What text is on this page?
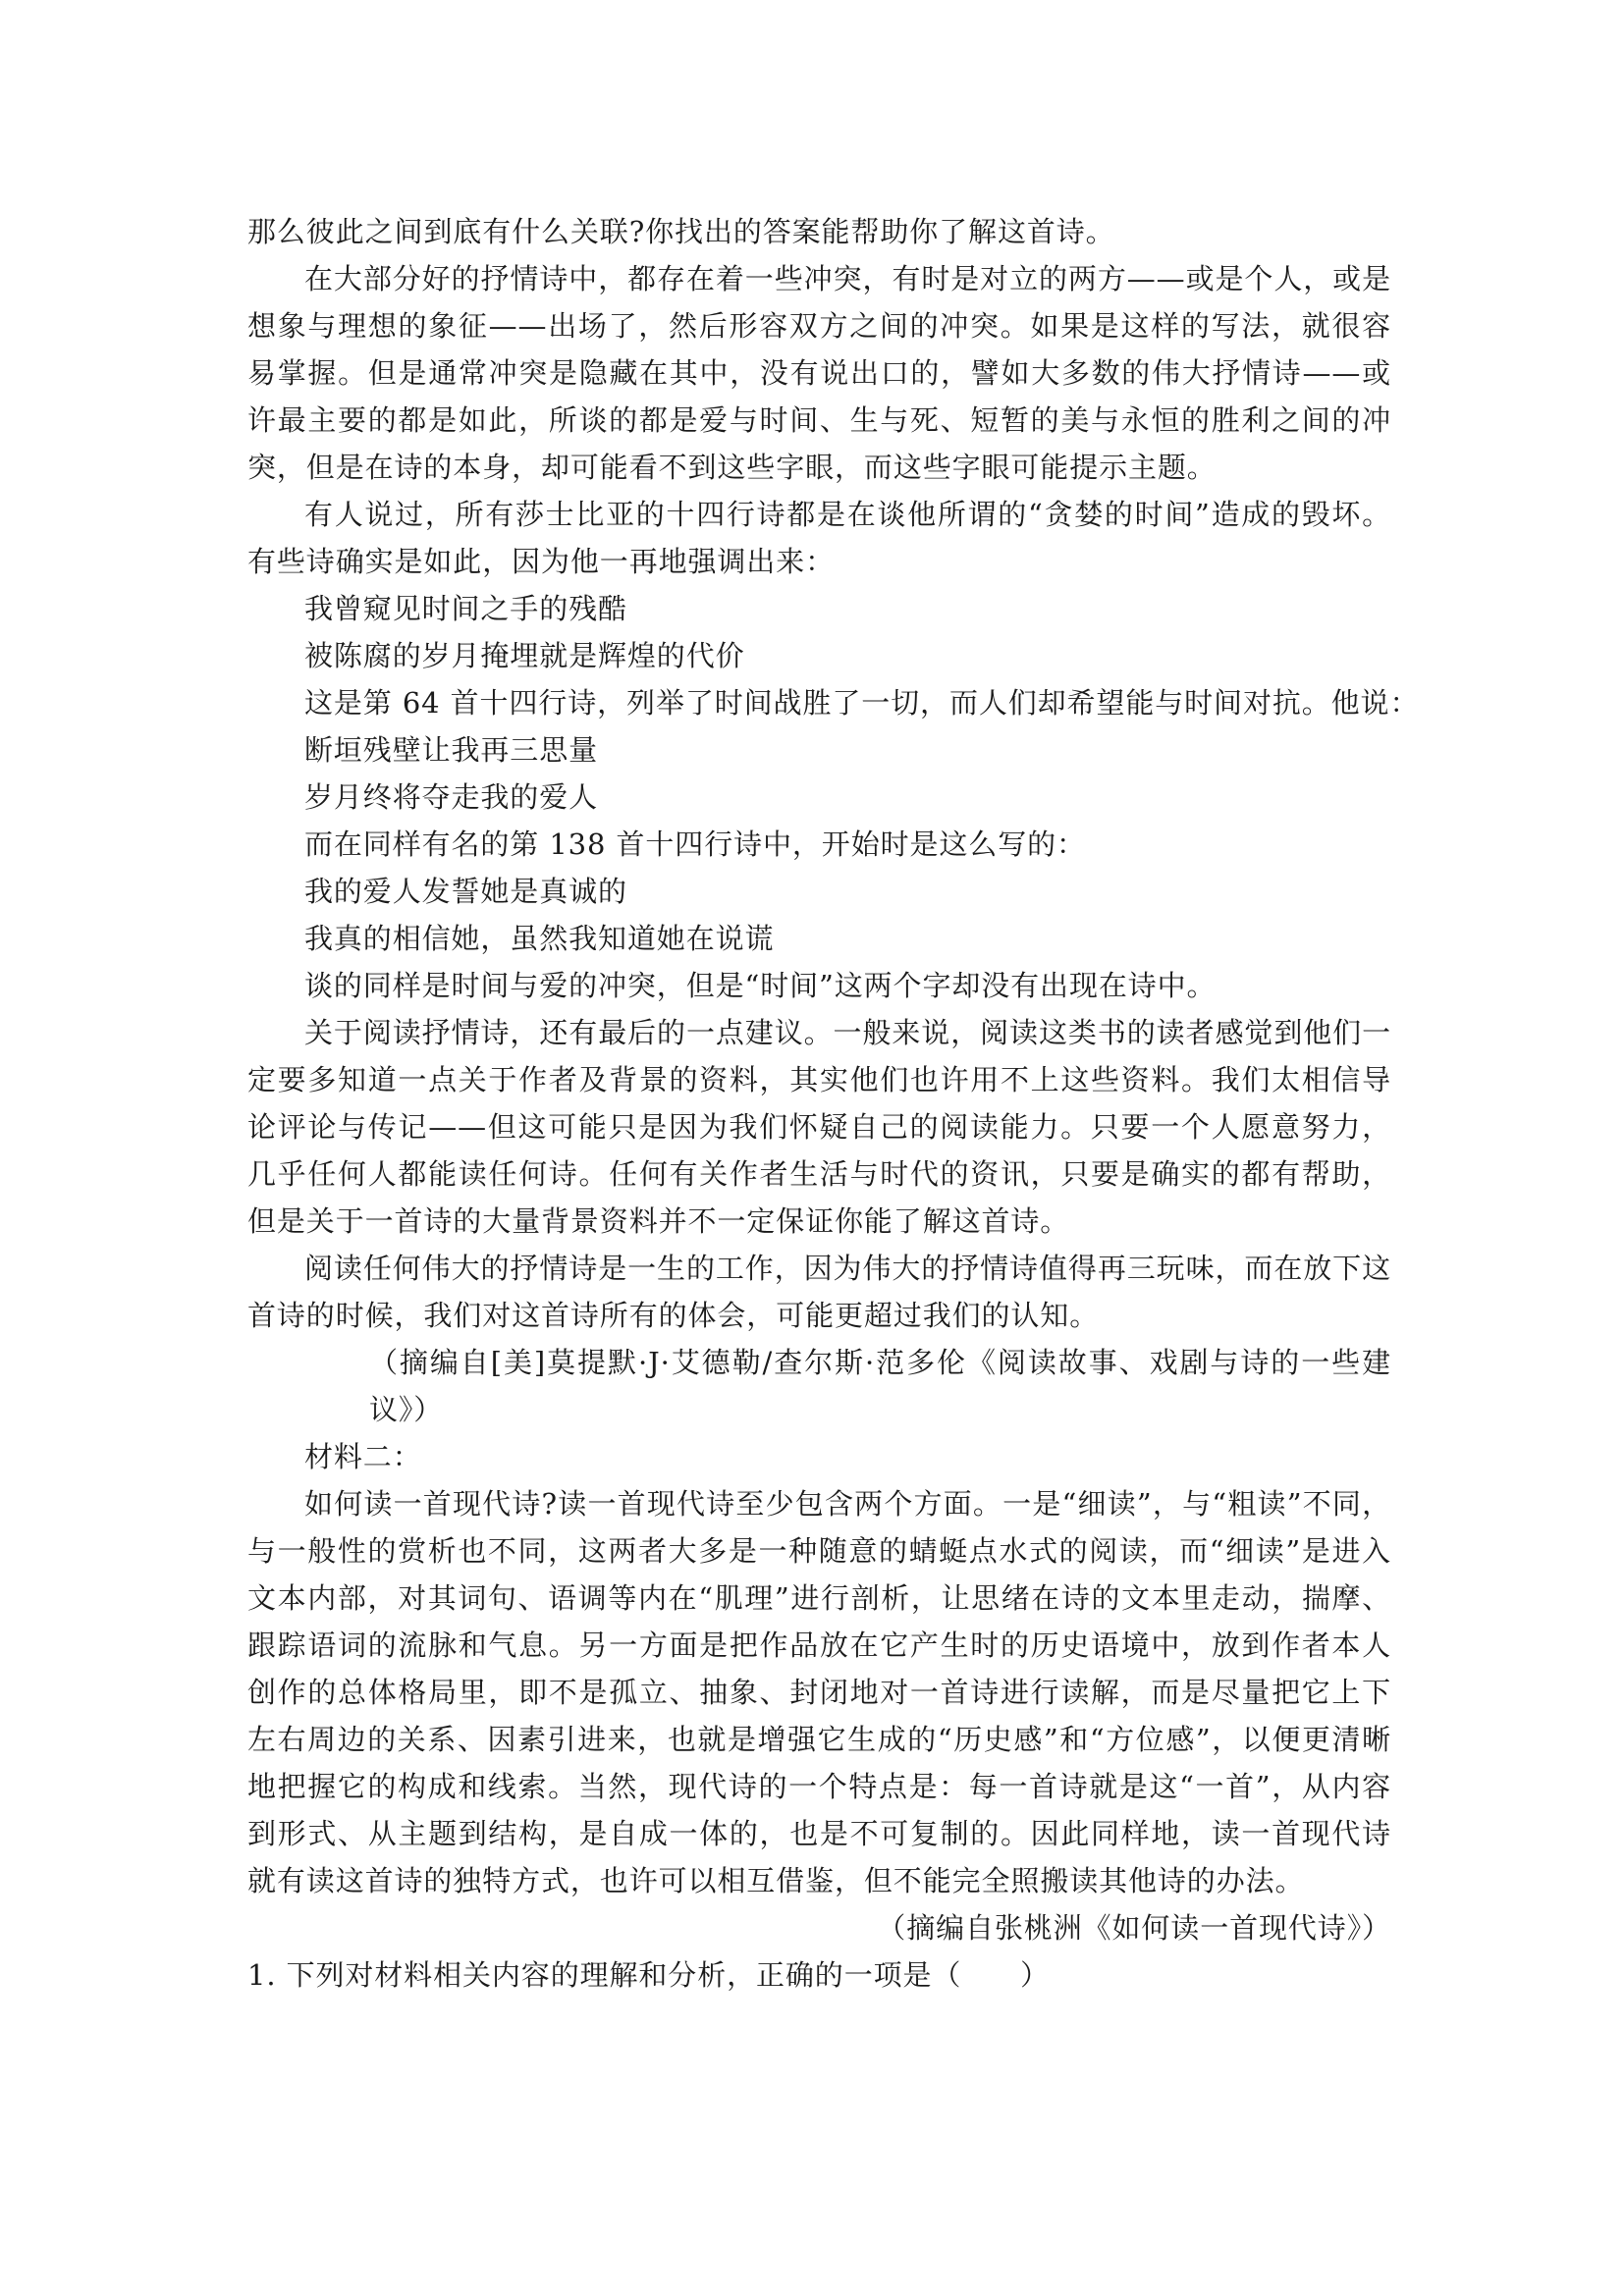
那么彼此之间到底有什么关联?你找出的答案能帮助你了解这首诗。
在大部分好的抒情诗中，都存在着一些冲突，有时是对立的两方——或是个人，或是想象与理想的象征——出场了，然后形容双方之间的冲突。如果是这样的写法，就很容易掌握。但是通常冲突是隐藏在其中，没有说出口的，譬如大多数的伟大抒情诗——或许最主要的都是如此，所谈的都是爱与时间、生与死、短暂的美与永恒的胜利之间的冲突，但是在诗的本身，却可能看不到这些字眼，而这些字眼可能提示主题。
有人说过，所有莎士比亚的十四行诗都是在谈他所谓的“贪婪的时间”造成的毁坏。有些诗确实是如此，因为他一再地强调出来：
我曾窥见时间之手的残酷
被陈腐的岁月掩埋就是辉煌的代价
这是第 64 首十四行诗，列举了时间战胜了一切，而人们却希望能与时间对抗。他说：
断垣残壁让我再三思量
岁月终将夺走我的爱人
而在同样有名的第 138 首十四行诗中，开始时是这么写的：
我的爱人发誓她是真诚的
我真的相信她，虽然我知道她在说谎
谈的同样是时间与爱的冲突，但是“时间”这两个字却没有出现在诗中。
关于阅读抒情诗，还有最后的一点建议。一般来说，阅读这类书的读者感觉到他们一定要多知道一点关于作者及背景的资料，其实他们也许用不上这些资料。我们太相信导论评论与传记——但这可能只是因为我们怀疑自己的阅读能力。只要一个人愿意努力，几乎任何人都能读任何诗。任何有关作者生活与时代的资讯，只要是确实的都有帮助，但是关于一首诗的大量背景资料并不一定保证你能了解这首诗。
阅读任何伟大的抒情诗是一生的工作，因为伟大的抒情诗值得再三玩味，而在放下这首诗的时候，我们对这首诗所有的体会，可能更超过我们的认知。
（摘编自[美]莫提默·J·艾德勒/查尔斯·范多伦《阅读故事、戏剧与诗的一些建议》）
材料二：
如何读一首现代诗?读一首现代诗至少包含两个方面。一是“细读”，与“粗读”不同，与一般性的赏析也不同，这两者大多是一种随意的蜻蜓点水式的阅读，而“细读”是进入文本内部，对其词句、语调等内在“肌理”进行剖析，让思绪在诗的文本里走动，揣摩、跟踪语词的流脉和气息。另一方面是把作品放在它产生时的历史语境中，放到作者本人创作的总体格局里，即不是孤立、抽象、封闭地对一首诗进行读解，而是尽量把它上下左右周边的关系、因素引进来，也就是增强它生成的“历史感”和“方位感”，以便更清晰地把握它的构成和线索。当然，现代诗的一个特点是：每一首诗就是这“一首”，从内容到形式、从主题到结构，是自成一体的，也是不可复制的。因此同样地，读一首现代诗就有读这首诗的独特方式，也许可以相互借鉴，但不能完全照搬读其他诗的办法。
（摘编自张桃洲《如何读一首现代诗》）
1. 下列对材料相关内容的理解和分析，正确的一项是（　　）
